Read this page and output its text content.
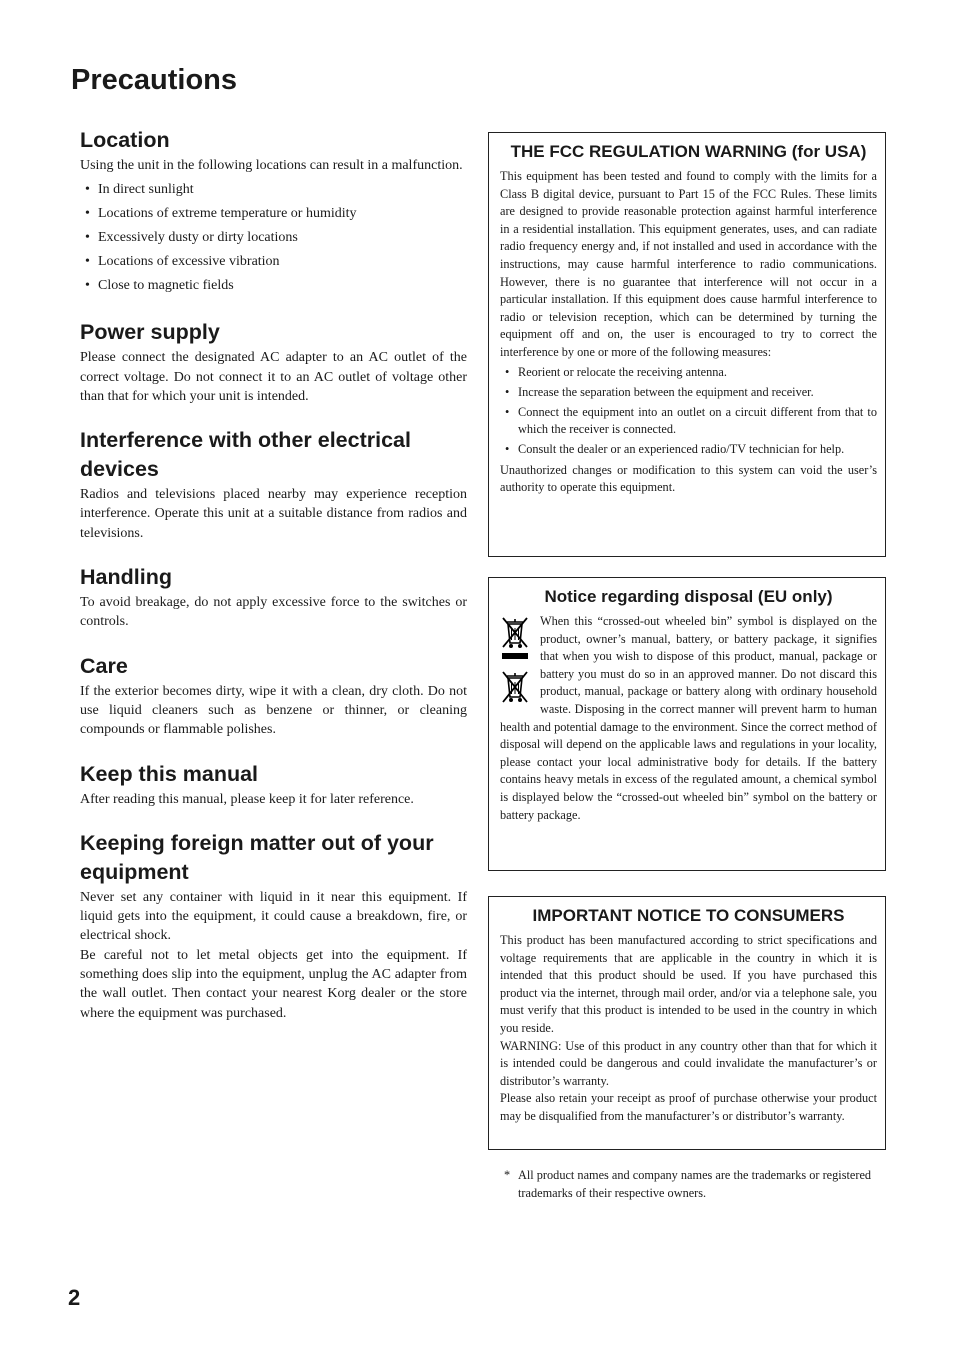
Precautions
Location

Using the unit in the following locations can result in a malfunction.

• In direct sunlight
• Locations of extreme temperature or humidity
• Excessively dusty or dirty locations
• Locations of excessive vibration
• Close to magnetic fields
Power supply

Please connect the designated AC adapter to an AC outlet of the correct voltage. Do not connect it to an AC outlet of voltage other than that for which your unit is intended.

Interference with other electrical devices

Radios and televisions placed nearby may experience reception interference. Operate this unit at a suitable distance from radios and televisions.

Handling

To avoid breakage, do not apply excessive force to the switches or controls.

Care

If the exterior becomes dirty, wipe it with a clean, dry cloth. Do not use liquid cleaners such as benzene or thinner, or cleaning compounds or flammable polishes.

Keep this manual

After reading this manual, please keep it for later reference.

Keeping foreign matter out of your equipment

Never set any container with liquid in it near this equipment. If liquid gets into the equipment, it could cause a breakdown, fire, or electrical shock.

Be careful not to let metal objects get into the equipment. If something does slip into the equipment, unplug the AC adapter from the wall outlet. Then contact your nearest Korg dealer or the store where the equipment was purchased.

THE FCC REGULATION WARNING (for USA)

This equipment has been tested and found to comply with the limits for a Class B digital device, pursuant to Part 15 of the FCC Rules. These limits are designed to provide reasonable protection against harmful interference in a residential installation. This equipment generates, uses, and can radiate radio frequency energy and, if not installed and used in accordance with the instructions, may cause harmful interference to radio communications. However, there is no guarantee that interference will not occur in a particular installation. If this equipment does cause harmful interference to radio or television reception, which can be determined by turning the equipment off and on, the user is encouraged to try to correct the interference by one or more of the following measures:

• Reorient or relocate the receiving antenna.
• Increase the separation between the equipment and receiver.
• Connect the equipment into an outlet on a circuit different from that to which the receiver is connected.
• Consult the dealer or an experienced radio/TV technician for help.

Unauthorized changes or modification to this system can void the user’s authority to operate this equipment.

Notice regarding disposal (EU only)

When this “crossed-out wheeled bin” symbol is displayed on the product, owner’s manual, battery, or battery package, it signifies that when you wish to dispose of this product, manual, package or battery you must do so in an approved manner. Do not discard this product, manual, package or battery along with ordinary household waste. Disposing in the correct manner will prevent harm to human health and potential damage to the environment. Since the correct method of disposal will depend on the applicable laws and regulations in your locality, please contact your local administrative body for details. If the battery contains heavy metals in excess of the regulated amount, a chemical symbol is displayed below the “crossed-out wheeled bin” symbol on the battery or battery package.

IMPORTANT NOTICE TO CONSUMERS

This product has been manufactured according to strict specifications and voltage requirements that are applicable in the country in which it is intended that this product should be used. If you have purchased this product via the internet, through mail order, and/or via a telephone sale, you must verify that this product is intended to be used in the country in which you reside.

WARNING: Use of this product in any country other than that for which it is intended could be dangerous and could invalidate the manufacturer’s or distributor’s warranty.

Please also retain your receipt as proof of purchase otherwise your product may be disqualified from the manufacturer’s or distributor’s warranty.

* All product names and company names are the trademarks or registered trademarks of their respective owners.
2
